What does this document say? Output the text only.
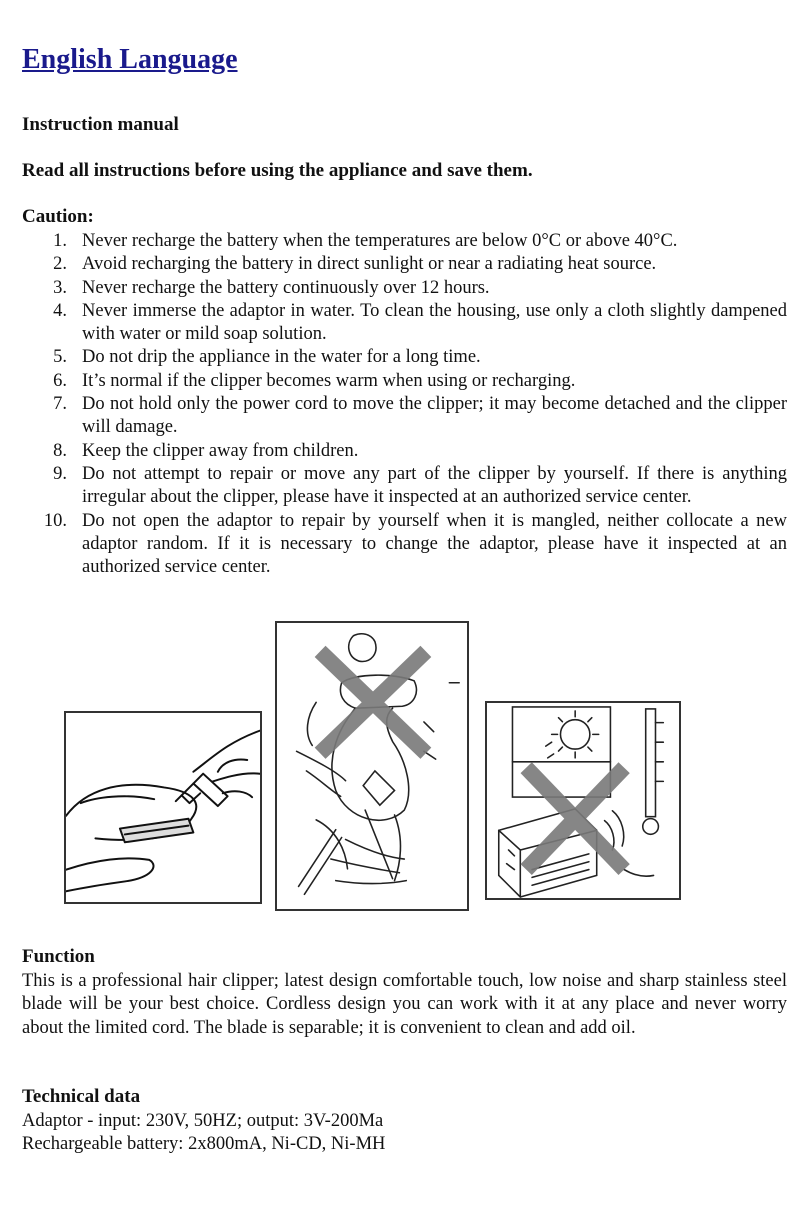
English Language

Instruction manual

Read all instructions before using the appliance and save them.

Caution:

1. Never recharge the battery when the temperatures are below 0°C or above 40°C.
2. Avoid recharging the battery in direct sunlight or near a radiating heat source.
3. Never recharge the battery continuously over 12 hours.
4. Never immerse the adaptor in water. To clean the housing, use only a cloth slightly dampened with water or mild soap solution.
5. Do not drip the appliance in the water for a long time.
6. It’s normal if the clipper becomes warm when using or recharging.
7. Do not hold only the power cord to move the clipper; it may become detached and the clipper will damage.
8. Keep the clipper away from children.
9. Do not attempt to repair or move any part of the clipper by yourself. If there is anything irregular about the clipper, please have it inspected at an authorized service center.
10. Do not open the adaptor to repair by yourself when it is mangled, neither collocate a new adaptor random. If it is necessary to change the adaptor, please have it inspected at an authorized service center.

Function

This is a professional hair clipper; latest design comfortable touch, low noise and sharp stainless steel blade will be your best choice. Cordless design you can work with it at any place and never worry about the limited cord. The blade is separable; it is convenient to clean and add oil.

Technical data

Adaptor - input: 230V, 50HZ; output: 3V-200Ma

Rechargeable battery: 2x800mA, Ni-CD, Ni-MH
